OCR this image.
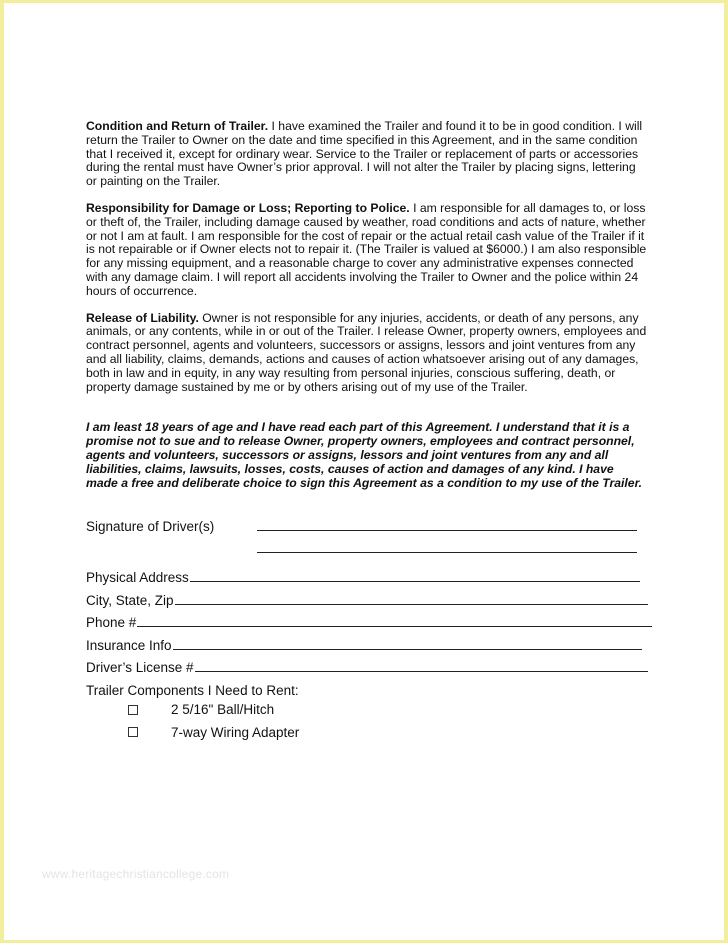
Condition and Return of Trailer. I have examined the Trailer and found it to be in good condition. I will return the Trailer to Owner on the date and time specified in this Agreement, and in the same condition that I received it, except for ordinary wear. Service to the Trailer or replacement of parts or accessories during the rental must have Owner’s prior approval. I will not alter the Trailer by placing signs, lettering or painting on the Trailer.

Responsibility for Damage or Loss; Reporting to Police. I am responsible for all damages to, or loss or theft of, the Trailer, including damage caused by weather, road conditions and acts of nature, whether or not I am at fault. I am responsible for the cost of repair or the actual retail cash value of the Trailer if it is not repairable or if Owner elects not to repair it. (The Trailer is valued at $6000.) I am also responsible for any missing equipment, and a reasonable charge to cover any administrative expenses connected with any damage claim. I will report all accidents involving the Trailer to Owner and the police within 24 hours of occurrence.

Release of Liability. Owner is not responsible for any injuries, accidents, or death of any persons, any animals, or any contents, while in or out of the Trailer. I release Owner, property owners, employees and contract personnel, agents and volunteers, successors or assigns, lessors and joint ventures from any and all liability, claims, demands, actions and causes of action whatsoever arising out of any damages, both in law and in equity, in any way resulting from personal injuries, conscious suffering, death, or property damage sustained by me or by others arising out of my use of the Trailer.

I am least 18 years of age and I have read each part of this Agreement. I understand that it is a promise not to sue and to release Owner, property owners, employees and contract personnel, agents and volunteers, successors or assigns, lessors and joint ventures from any and all liabilities, claims, lawsuits, losses, costs, causes of action and damages of any kind. I have made a free and deliberate choice to sign this Agreement as a condition to my use of the Trailer.

Signature of Driver(s)
Physical Address
City, State, Zip
Phone #
Insurance Info
Driver’s License #
Trailer Components I Need to Rent:
2 5/16" Ball/Hitch
7-way Wiring Adapter
www.heritagechristiancollege.com
